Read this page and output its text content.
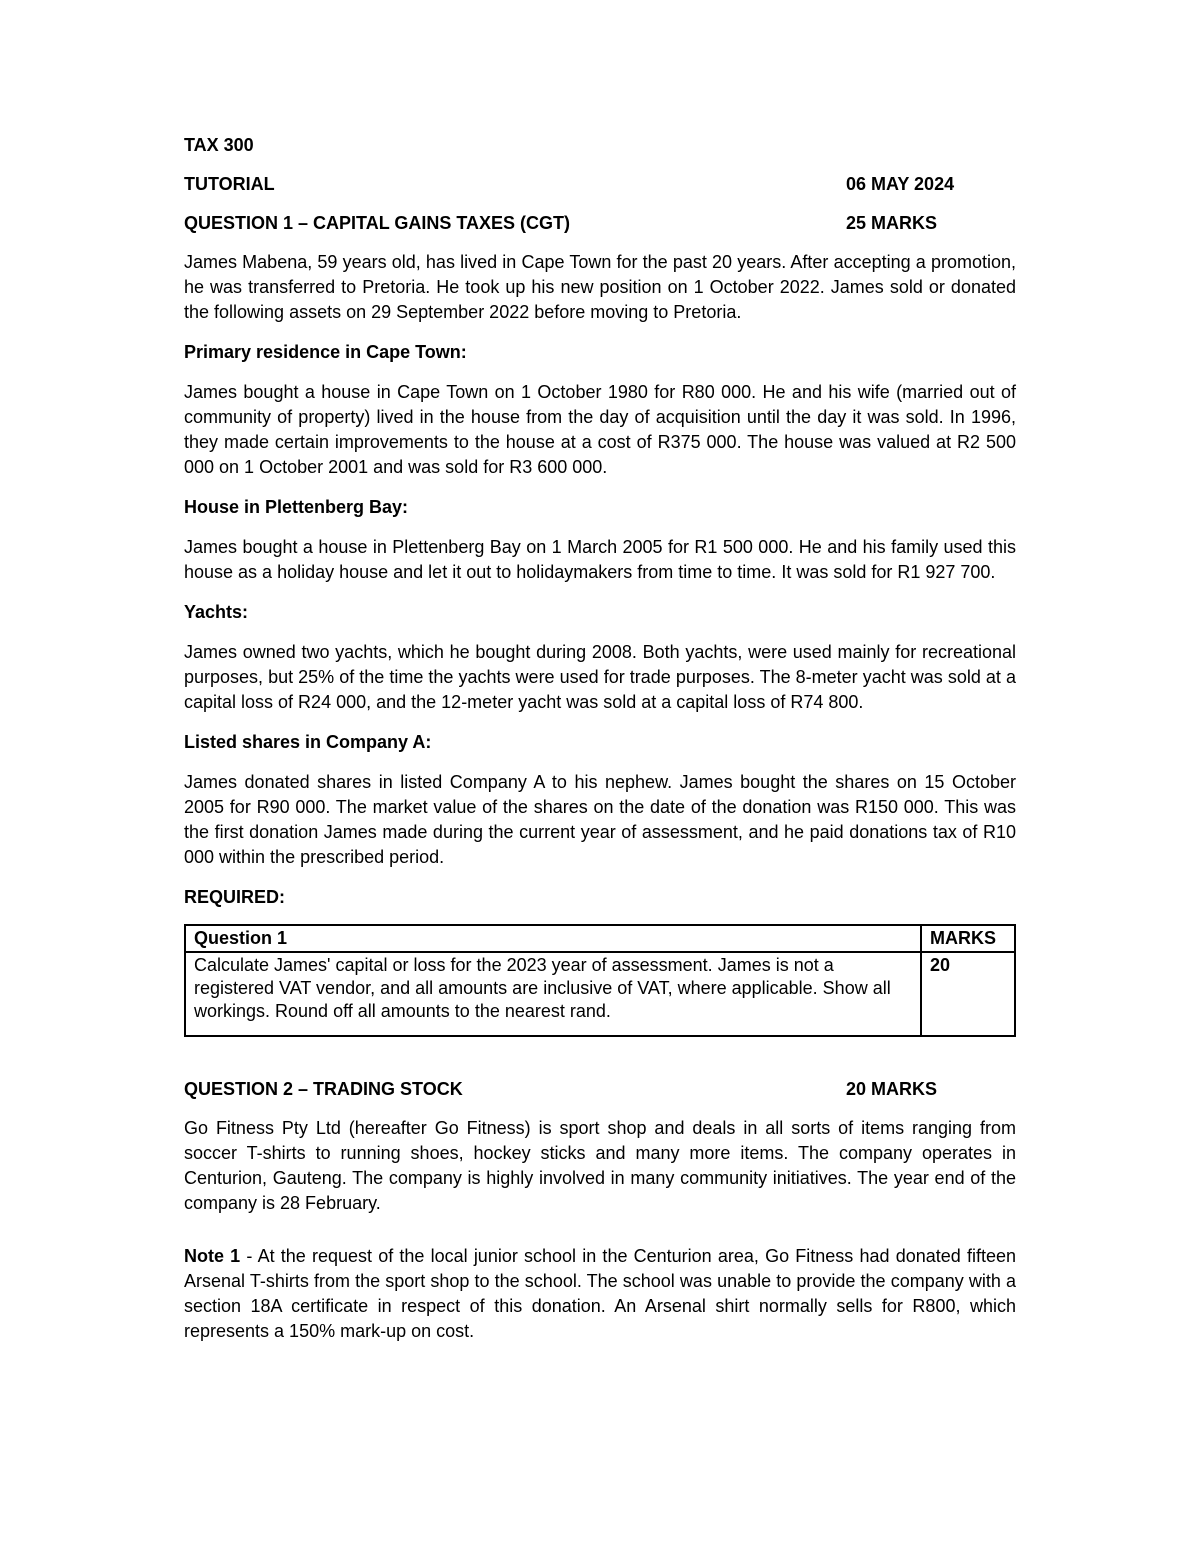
TAX 300
TUTORIAL	06 MAY 2024
QUESTION 1 – CAPITAL GAINS TAXES (CGT)	25 MARKS

James Mabena, 59 years old, has lived in Cape Town for the past 20 years. After accepting a promotion, he was transferred to Pretoria. He took up his new position on 1 October 2022. James sold or donated the following assets on 29 September 2022 before moving to Pretoria.

Primary residence in Cape Town:

James bought a house in Cape Town on 1 October 1980 for R80 000. He and his wife (married out of community of property) lived in the house from the day of acquisition until the day it was sold. In 1996, they made certain improvements to the house at a cost of R375 000. The house was valued at R2 500 000 on 1 October 2001 and was sold for R3 600 000.

House in Plettenberg Bay:

James bought a house in Plettenberg Bay on 1 March 2005 for R1 500 000. He and his family used this house as a holiday house and let it out to holidaymakers from time to time. It was sold for R1 927 700.

Yachts:

James owned two yachts, which he bought during 2008. Both yachts, were used mainly for recreational purposes, but 25% of the time the yachts were used for trade purposes. The 8-meter yacht was sold at a capital loss of R24 000, and the 12-meter yacht was sold at a capital loss of R74 800.

Listed shares in Company A:

James donated shares in listed Company A to his nephew. James bought the shares on 15 October 2005 for R90 000. The market value of the shares on the date of the donation was R150 000. This was the first donation James made during the current year of assessment, and he paid donations tax of R10 000 within the prescribed period.

REQUIRED:

Question 1	MARKS
Calculate James' capital or loss for the 2023 year of assessment. James is not a registered VAT vendor, and all amounts are inclusive of VAT, where applicable. Show all workings. Round off all amounts to the nearest rand.	20
QUESTION 2 – TRADING STOCK	20 MARKS

Go Fitness Pty Ltd (hereafter Go Fitness) is sport shop and deals in all sorts of items ranging from soccer T-shirts to running shoes, hockey sticks and many more items. The company operates in Centurion, Gauteng. The company is highly involved in many community initiatives. The year end of the company is 28 February.

Note 1 - At the request of the local junior school in the Centurion area, Go Fitness had donated fifteen Arsenal T-shirts from the sport shop to the school. The school was unable to provide the company with a section 18A certificate in respect of this donation. An Arsenal shirt normally sells for R800, which represents a 150% mark-up on cost.
